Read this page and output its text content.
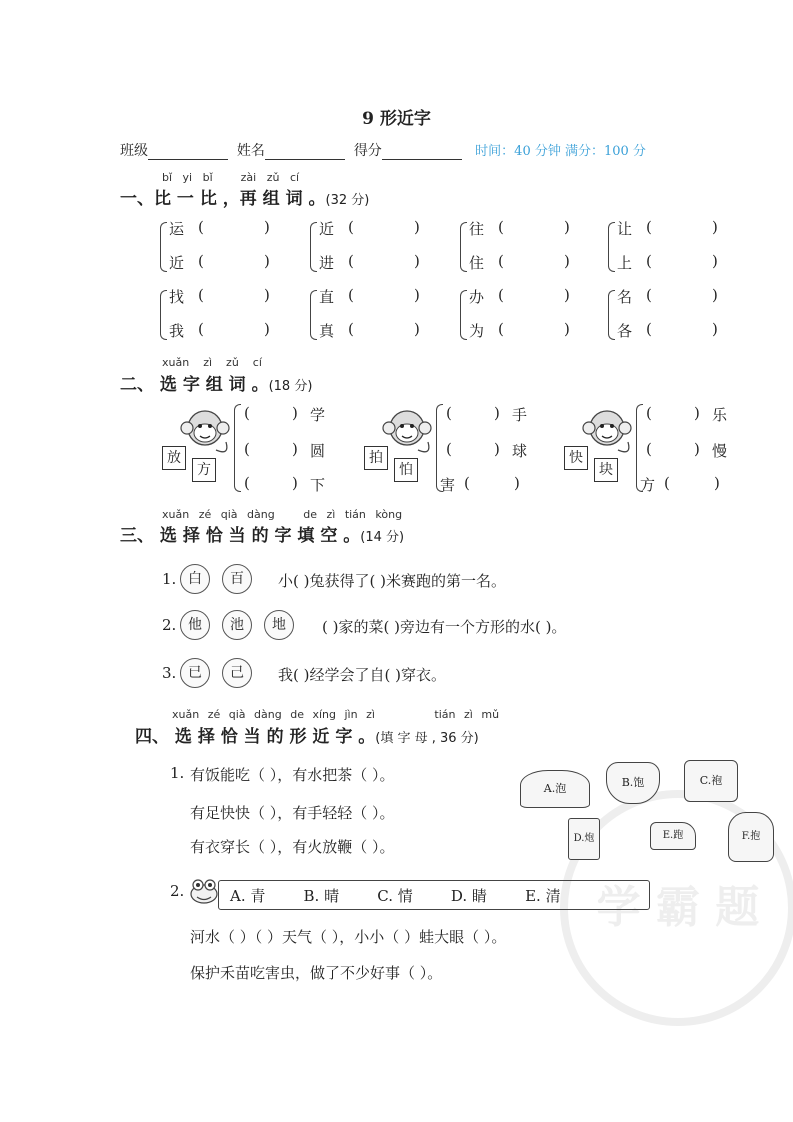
9 形近字
班级	姓名	得分	时间：40 分钟 满分：100 分
bǐ yi bǐ	zài zǔ cí
一、比 一 比 ，再 组 词 。(32 分)
运 (	)
近 (	)
近 (	)
进 (	)
往 (	)
住 (	)
让 (	)
上 (	)
找 (	)
我 (	)
直 (	)
真 (	)
办 (	)
为 (	)
名 (	)
各 (	)
xuǎn zì zǔ cí
二、 选 字 组 词 。(18 分)
放
方
(	) 学
(	) 圆
(	) 下
拍
怕
(	) 手
(	) 球
害 (	)
快
块
(	) 乐
(	) 慢
方 (	)
xuǎn zé qià dàng	de zì tián kòng
三、 选 择 恰 当 的 字 填 空 。(14 分)
1. 白	百	小( )兔获得了( )米赛跑的第一名。
2. 他	池	地	( )家的菜( )旁边有一个方形的水( )。
3. 已	己	我( )经学会了自( )穿衣。
xuǎn zé qià dàng de xíng jìn zì	tián zì mǔ
四、 选 择 恰 当 的 形 近 字 。(填 字 母 , 36 分)
学 霸 题
1. 有饭能吃（ ），有水把茶（ ）。
有足快快（ ），有手轻轻（ ）。
有衣穿长（ ），有火放鞭（ ）。
A.泡	B.饱	C.袍
D.炮	E.跑	F.抱
2.	A. 青	B. 晴	C. 情	D. 睛	E. 清
河水（ ）（ ）天气（ ），小小（ ）蛙大眼（ ）。
保护禾苗吃害虫，做了不少好事（ ）。
